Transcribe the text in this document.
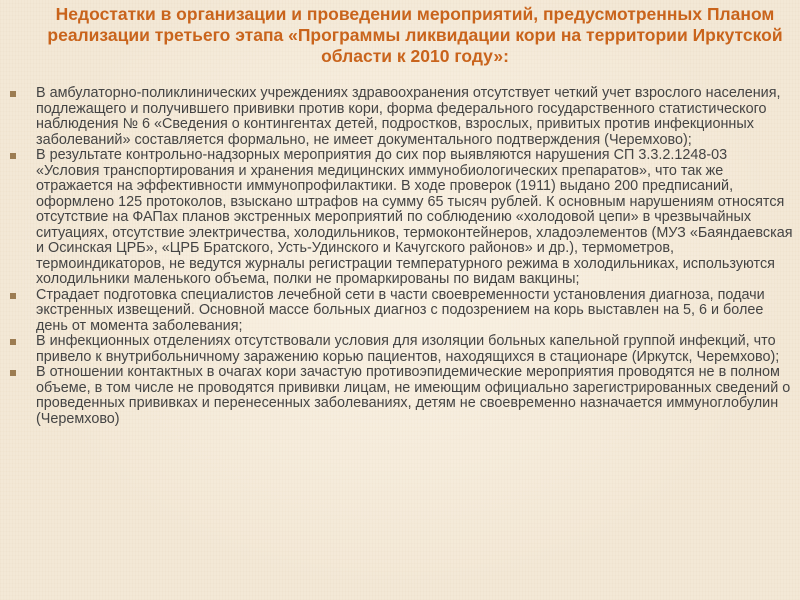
Недостатки в организации и проведении мероприятий, предусмотренных Планом реализации третьего этапа «Программы ликвидации кори на территории Иркутской области к 2010 году»:
В амбулаторно-поликлинических учреждениях здравоохранения отсутствует четкий учет взрослого населения, подлежащего и получившего прививки против кори, форма федерального государственного статистического наблюдения № 6 «Сведения о контингентах детей, подростков, взрослых, привитых против инфекционных заболеваний» составляется формально, не имеет документального подтверждения (Черемхово);
В результате контрольно-надзорных мероприятия до сих пор выявляются нарушения СП 3.3.2.1248-03 «Условия транспортирования и хранения медицинских иммунобиологических препаратов», что так же отражается на эффективности иммунопрофилактики. В ходе проверок (1911) выдано 200 предписаний, оформлено 125 протоколов, взыскано штрафов на сумму 65 тысяч рублей. К основным нарушениям относятся отсутствие на ФАПах планов экстренных мероприятий по соблюдению «холодовой цепи» в чрезвычайных ситуациях, отсутствие электричества, холодильников, термоконтейнеров, хладоэлементов (МУЗ «Баяндаевская и Осинская ЦРБ», «ЦРБ Братского, Усть-Удинского и Качугского районов» и др.), термометров, термоиндикаторов, не ведутся журналы регистрации температурного режима в холодильниках, используются холодильники маленького объема, полки не промаркированы по видам вакцины;
Страдает подготовка специалистов лечебной сети в части своевременности установления диагноза, подачи экстренных извещений. Основной массе больных диагноз с подозрением на корь выставлен на 5, 6 и более день от момента заболевания;
В инфекционных отделениях отсутствовали условия для изоляции больных капельной группой инфекций, что привело к внутрибольничному заражению корью пациентов, находящихся в стационаре (Иркутск, Черемхово);
В отношении контактных в очагах кори зачастую противоэпидемические мероприятия проводятся не в полном объеме, в том числе не проводятся прививки лицам, не имеющим официально зарегистрированных сведений о проведенных прививках и перенесенных заболеваниях, детям не своевременно назначается иммуноглобулин (Черемхово)
